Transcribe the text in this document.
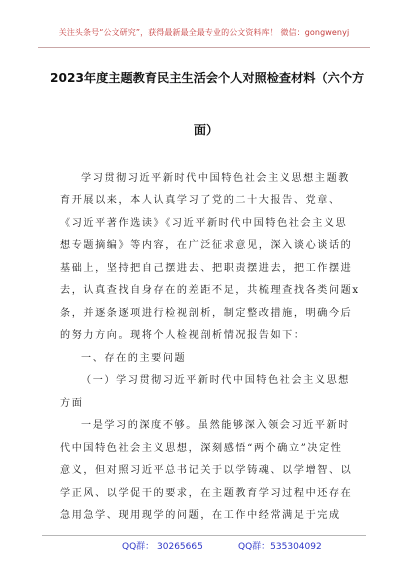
关注头条号“公文研究”，获得最新最全最专业的公文资料库！ 微信：gongwenyj
2023年度主题教育民主生活会个人对照检查材料（六个方
面）
学习贯彻习近平新时代中国特色社会主义思想主题教
育开展以来，本人认真学习了党的二十大报告、党章、
《习近平著作选读》《习近平新时代中国特色社会主义思
想专题摘编》等内容，在广泛征求意见，深入谈心谈话的
基础上，坚持把自己摆进去、把职责摆进去，把工作摆进
去，认真查找自身存在的差距不足，共梳理查找各类问题x
条，并逐条逐项进行检视剖析，制定整改措施，明确今后
的努力方向。现将个人检视剖析情况报告如下：
一、存在的主要问题
（一）学习贯彻习近平新时代中国特色社会主义思想
方面
一是学习的深度不够。虽然能够深入领会习近平新时
代中国特色社会主义思想，深刻感悟“两个确立”决定性
意义，但对照习近平总书记关于以学铸魂、以学增智、以
学正风、以学促干的要求，在主题教育学习过程中还存在
急用急学、现用现学的问题，在工作中经常满足于完成
QQ群： 30265665	QQ群：535304092
